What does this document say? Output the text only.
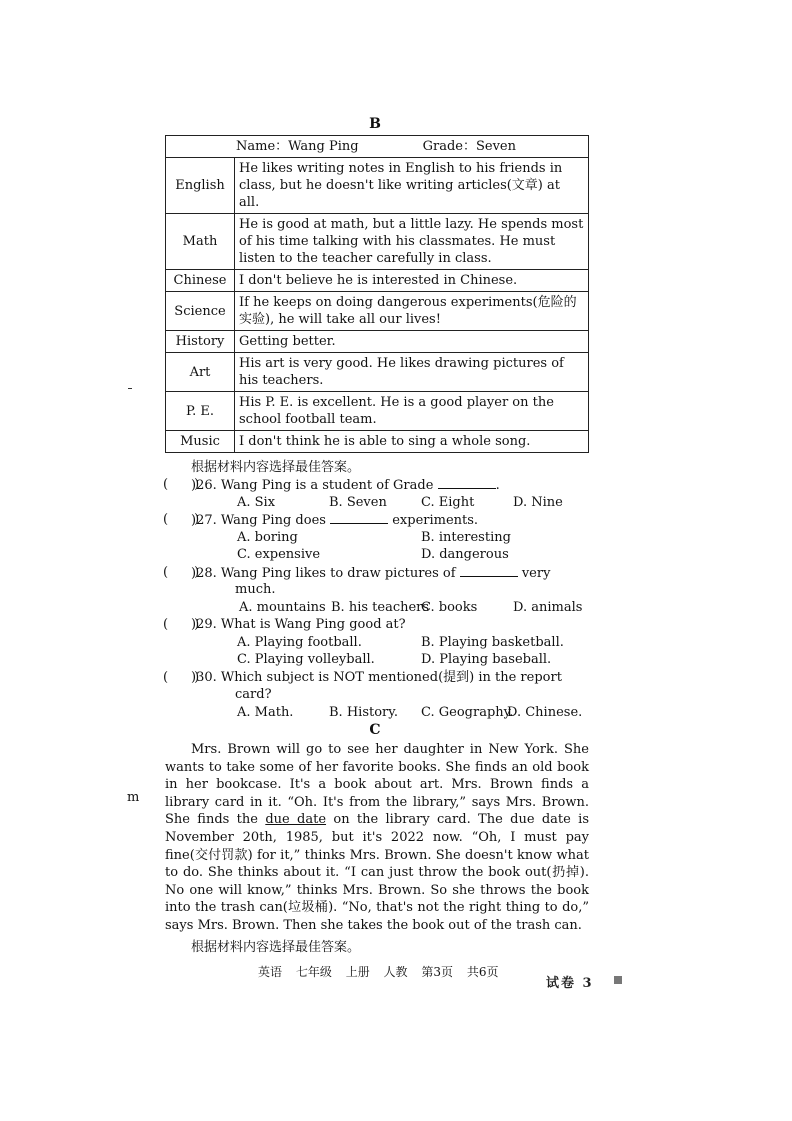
B
Name：Wang Ping Grade：Seven	

English	He likes writing notes in English to his friends in class, but he doesn't like writing articles(文章) at all.
Math	He is good at math, but a little lazy. He spends most of his time talking with his classmates. He must listen to the teacher carefully in class.
Chinese	I don't believe he is interested in Chinese.
Science	If he keeps on doing dangerous experiments(危险的实验), he will take all our lives!
History	Getting better.
Art	His art is very good. He likes drawing pictures of his teachers.
P. E.	His P. E. is excellent. He is a good player on the school football team.
Music	I don't think he is able to sing a whole song.
根据材料内容选择最佳答案。
(　　)
)26. Wang Ping is a student of Grade	.
A. Six	B. Seven	C. Eight	D. Nine
(　　)
)27. Wang Ping does	experiments.
A. boring	B. interesting
C. expensive	D. dangerous
(　　)
)28. Wang Ping likes to draw pictures of	very
much.
A. mountains B. his teachers
C. books	D. animals
(　　)
)29. What is Wang Ping good at?
A. Playing football.	B. Playing basketball.
C. Playing volleyball.	D. Playing baseball.
(　　)
)30. Which subject is NOT mentioned(提到) in the report
card?
A. Math.	B. History. C. Geography.
D. Chinese.
C

Mrs. Brown will go to see her daughter in New York. She wants to take some of her favorite books. She finds an old book in her bookcase. It's a book about art. Mrs. Brown finds a library card in it. “Oh. It's from the library,” says Mrs. Brown. She finds the due date on the library card. The due date is November 20th, 1985, but it's 2022 now. “Oh, I must pay fine(交付罚款) for it,” thinks Mrs. Brown. She doesn't know what to do. She thinks about it. “I can just throw the book out(扔掉). No one will know,” thinks Mrs. Brown. So she throws the book into the trash can(垃圾桶). “No, that's not the right thing to do,” says Mrs. Brown. Then she takes the book out of the trash can.

根据材料内容选择最佳答案。
英语 七年级 上册 人教 第3页 共6页
试卷 3
m
